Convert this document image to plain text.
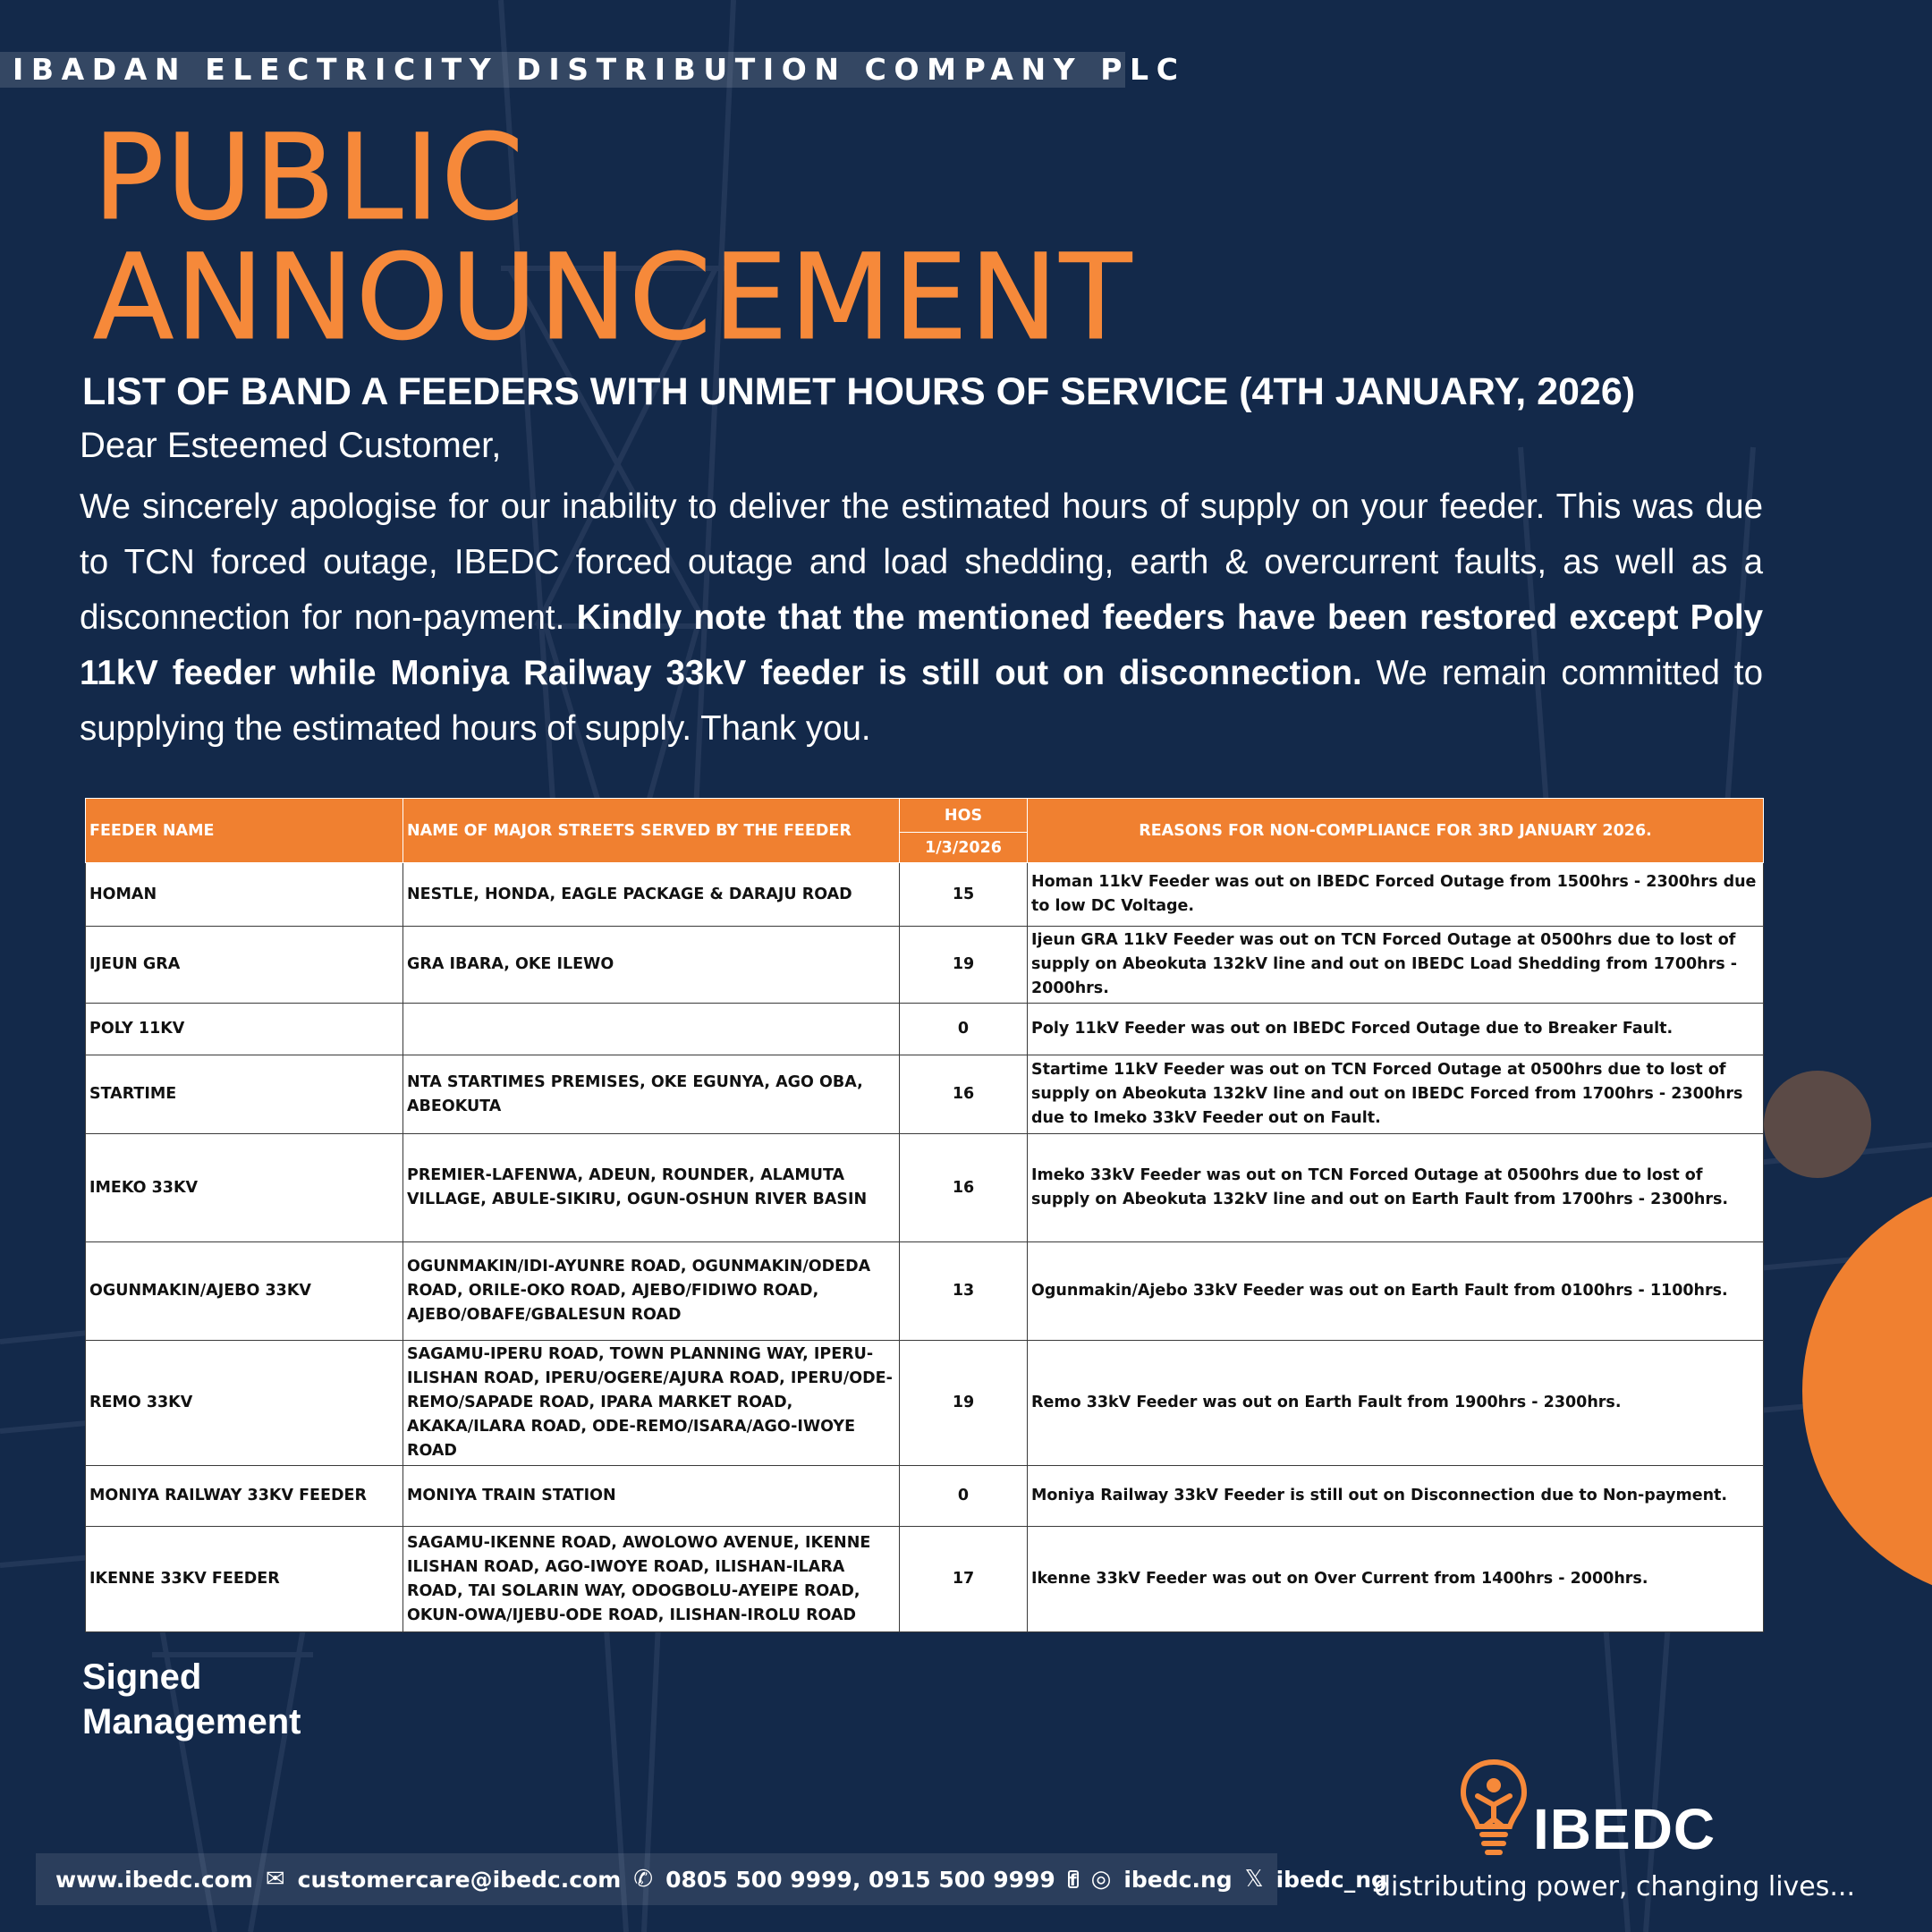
IBADAN ELECTRICITY DISTRIBUTION COMPANY PLC
PUBLIC
ANNOUNCEMENT
LIST OF BAND A FEEDERS WITH UNMET HOURS OF SERVICE (4TH JANUARY, 2026)

Dear Esteemed Customer,

We sincerely apologise for our inability to deliver the estimated hours of supply on your feeder. This was due to TCN forced outage, IBEDC forced outage and load shedding, earth & overcurrent faults, as well as a disconnection for non-payment. Kindly note that the mentioned feeders have been restored except Poly 11kV feeder while Moniya Railway 33kV feeder is still out on disconnection. We remain committed to supplying the estimated hours of supply. Thank you.

FEEDER NAME	NAME OF MAJOR STREETS SERVED BY THE FEEDER	HOS	REASONS FOR NON-COMPLIANCE FOR 3RD JANUARY 2026.
		1/3/2026	
HOMAN	NESTLE, HONDA, EAGLE PACKAGE & DARAJU ROAD	15	Homan 11kV Feeder was out on IBEDC Forced Outage from 1500hrs - 2300hrs due to low DC Voltage.
IJEUN GRA	GRA IBARA, OKE ILEWO	19	Ijeun GRA 11kV Feeder was out on TCN Forced Outage at 0500hrs due to lost of supply on Abeokuta 132kV line and out on IBEDC Load Shedding from 1700hrs - 2000hrs.
POLY 11KV		0	Poly 11kV Feeder was out on IBEDC Forced Outage due to Breaker Fault.
STARTIME	NTA STARTIMES PREMISES, OKE EGUNYA, AGO OBA, ABEOKUTA	16	Startime 11kV Feeder was out on TCN Forced Outage at 0500hrs due to lost of supply on Abeokuta 132kV line and out on IBEDC Forced from 1700hrs - 2300hrs due to Imeko 33kV Feeder out on Fault.
IMEKO 33KV	PREMIER-LAFENWA, ADEUN, ROUNDER, ALAMUTA VILLAGE, ABULE-SIKIRU, OGUN-OSHUN RIVER BASIN	16	Imeko 33kV Feeder was out on TCN Forced Outage at 0500hrs due to lost of supply on Abeokuta 132kV line and out on Earth Fault from 1700hrs - 2300hrs.
OGUNMAKIN/AJEBO 33KV	OGUNMAKIN/IDI-AYUNRE ROAD, OGUNMAKIN/ODEDA ROAD, ORILE-OKO ROAD, AJEBO/FIDIWO ROAD, AJEBO/OBAFE/GBALESUN ROAD	13	Ogunmakin/Ajebo 33kV Feeder was out on Earth Fault from 0100hrs - 1100hrs.
REMO 33KV	SAGAMU-IPERU ROAD, TOWN PLANNING WAY, IPERU-ILISHAN ROAD, IPERU/OGERE/AJURA ROAD, IPERU/ODE-REMO/SAPADE ROAD, IPARA MARKET ROAD, AKAKA/ILARA ROAD, ODE-REMO/ISARA/AGO-IWOYE ROAD	19	Remo 33kV Feeder was out on Earth Fault from 1900hrs - 2300hrs.
MONIYA RAILWAY 33KV FEEDER	MONIYA TRAIN STATION	0	Moniya Railway 33kV Feeder is still out on Disconnection due to Non-payment.
IKENNE 33KV FEEDER	SAGAMU-IKENNE ROAD, AWOLOWO AVENUE, IKENNE ILISHAN ROAD, AGO-IWOYE ROAD, ILISHAN-ILARA ROAD, TAI SOLARIN WAY, ODOGBOLU-AYEIPE ROAD, OKUN-OWA/IJEBU-ODE ROAD, ILISHAN-IROLU ROAD	17	Ikenne 33kV Feeder was out on Over Current from 1400hrs - 2000hrs.
Signed
Management
www.ibedc.com ✉ customercare@ibedc.com ✆ 0805 500 9999, 0915 500 9999 f ◎ ibedc.ng 𝕏 ibedc_ng
IBEDC
distributing power, changing lives...
